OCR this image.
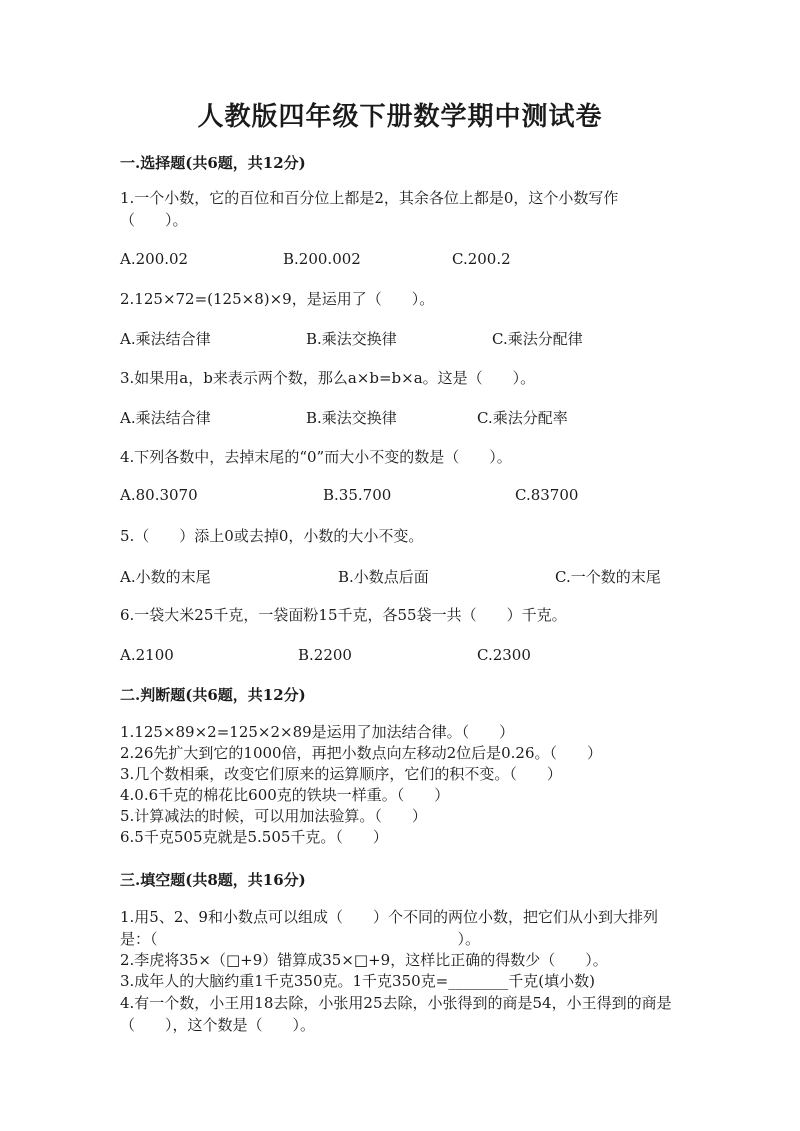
人教版四年级下册数学期中测试卷
一.选择题(共6题，共12分)
1.一个小数，它的百位和百分位上都是2，其余各位上都是0，这个小数写作（　　）。
A.200.02	B.200.002	C.200.2
2.125×72=(125×8)×9，是运用了（　　）。
A.乘法结合律	B.乘法交换律	C.乘法分配律
3.如果用a，b来表示两个数，那么a×b=b×a。这是（　　）。
A.乘法结合律	B.乘法交换律	C.乘法分配率
4.下列各数中，去掉末尾的“0”而大小不变的数是（　　）。
A.80.3070	B.35.700	C.83700
5.（　　）添上0或去掉0，小数的大小不变。
A.小数的末尾	B.小数点后面	C.一个数的末尾
6.一袋大米25千克，一袋面粉15千克，各55袋一共（　　）千克。
A.2100	B.2200	C.2300
二.判断题(共6题，共12分)
1.125×89×2=125×2×89是运用了加法结合律。（　　）
2.26先扩大到它的1000倍，再把小数点向左移动2位后是0.26。（　　）
3.几个数相乘，改变它们原来的运算顺序，它们的积不变。（　　）
4.0.6千克的棉花比600克的铁块一样重。（　　）
5.计算减法的时候，可以用加法验算。（　　）
6.5千克505克就是5.505千克。（　　）
三.填空题(共8题，共16分)
1.用5、2、9和小数点可以组成（　　）个不同的两位小数，把它们从小到大排列是：（　　　　　　　　　　　　　　　　　　　　）。
2.李虎将35×（□+9）错算成35×□+9，这样比正确的得数少（　　）。
3.成年人的大脑约重1千克350克。1千克350克=________千克(填小数)
4.有一个数，小王用18去除，小张用25去除，小张得到的商是54，小王得到的商是（　　），这个数是（　　）。
